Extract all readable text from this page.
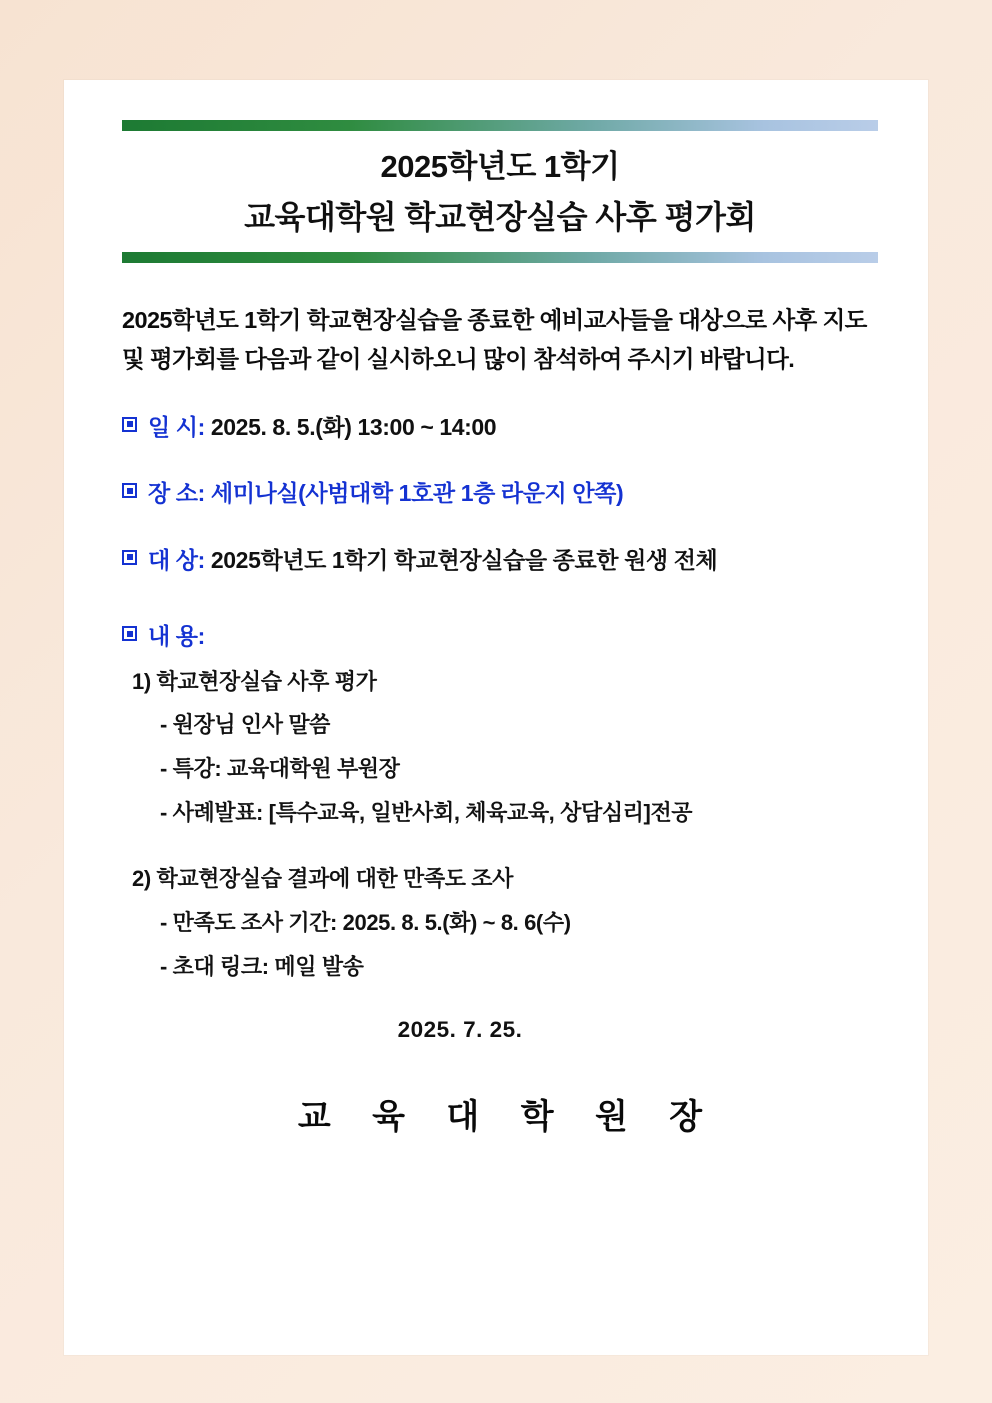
2025학년도 1학기
교육대학원 학교현장실습 사후 평가회
2025학년도 1학기 학교현장실습을 종료한 예비교사들을 대상으로 사후 지도 및 평가회를 다음과 같이 실시하오니 많이 참석하여 주시기 바랍니다.
일 시: 2025. 8. 5.(화) 13:00 ~ 14:00
장 소: 세미나실(사범대학 1호관 1층 라운지 안쪽)
대 상: 2025학년도 1학기 학교현장실습을 종료한 원생 전체
내 용:
1) 학교현장실습 사후 평가
- 원장님 인사 말씀
- 특강: 교육대학원 부원장
- 사례발표: [특수교육, 일반사회, 체육교육, 상담심리]전공
2) 학교현장실습 결과에 대한 만족도 조사
- 만족도 조사 기간: 2025. 8. 5.(화) ~ 8. 6(수)
- 초대 링크: 메일 발송
2025. 7. 25.
교 육 대 학 원 장
